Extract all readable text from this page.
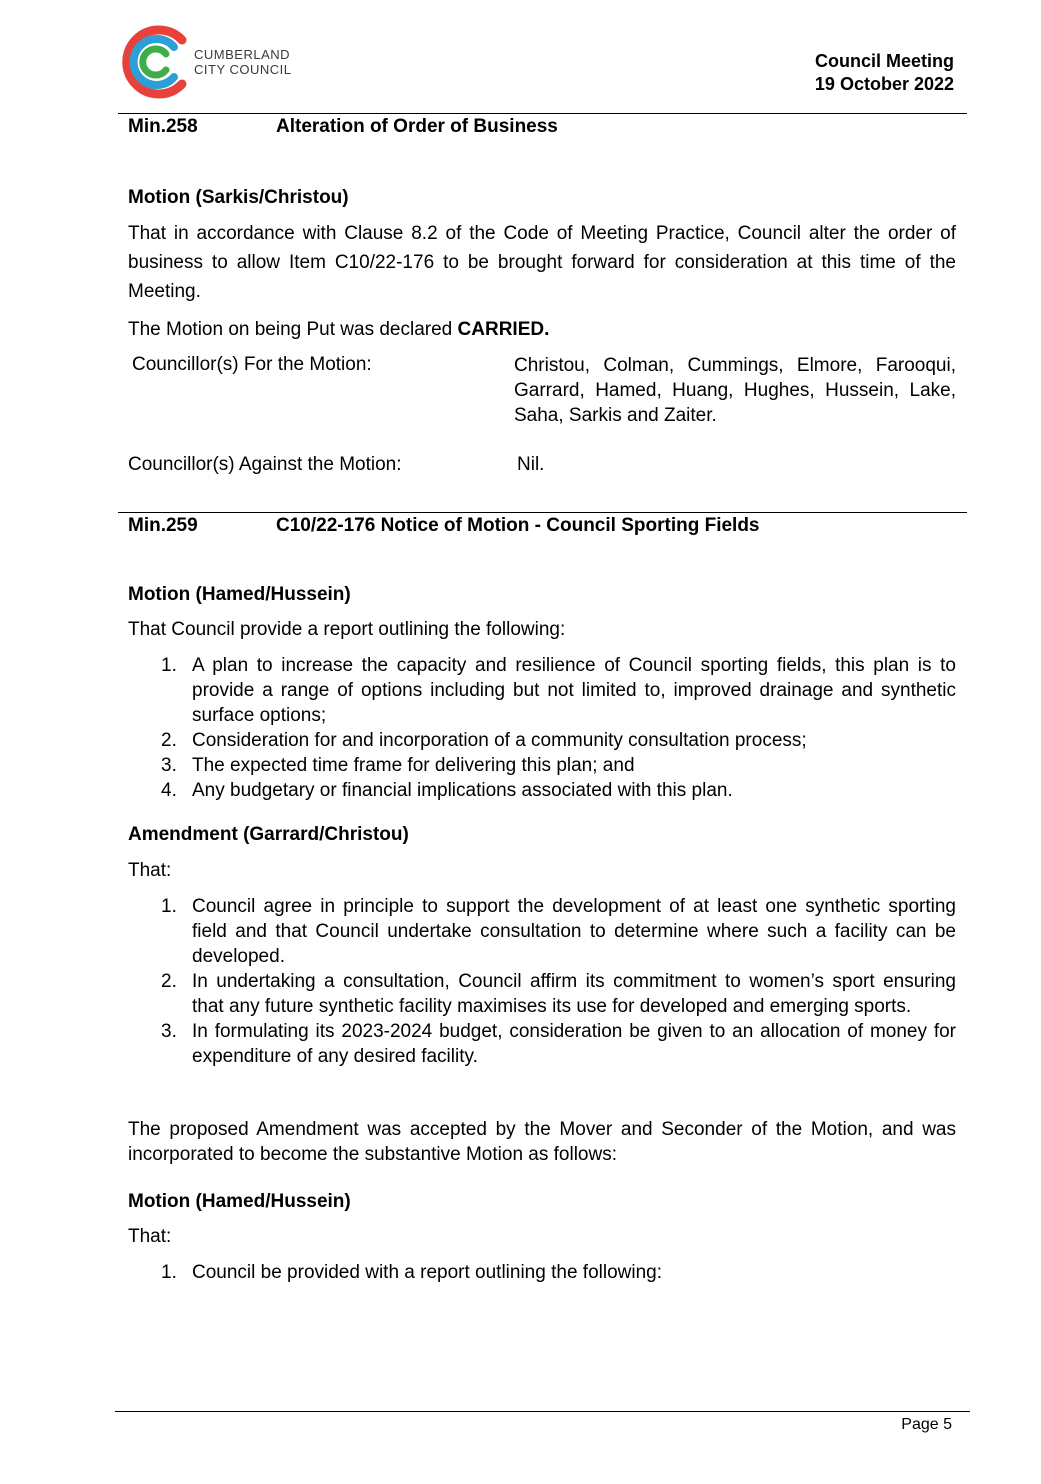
CUMBERLAND
CITY COUNCIL	Council Meeting
19 October 2022
Min.258	Alteration of Order of Business
Motion (Sarkis/Christou)
That in accordance with Clause 8.2 of the Code of Meeting Practice, Council alter the order of business to allow Item C10/22-176 to be brought forward for consideration at this time of the Meeting.
The Motion on being Put was declared CARRIED.
Councillor(s) For the Motion:	Christou, Colman, Cummings, Elmore, Farooqui, Garrard, Hamed, Huang, Hughes, Hussein, Lake, Saha, Sarkis and Zaiter.
Councillor(s) Against the Motion:	Nil.
Min.259	C10/22-176 Notice of Motion - Council Sporting Fields
Motion (Hamed/Hussein)
That Council provide a report outlining the following:
1. A plan to increase the capacity and resilience of Council sporting fields, this plan is to provide a range of options including but not limited to, improved drainage and synthetic surface options;
2. Consideration for and incorporation of a community consultation process;
3. The expected time frame for delivering this plan; and
4. Any budgetary or financial implications associated with this plan.
Amendment (Garrard/Christou)
That:
1. Council agree in principle to support the development of at least one synthetic sporting field and that Council undertake consultation to determine where such a facility can be developed.
2. In undertaking a consultation, Council affirm its commitment to women’s sport ensuring that any future synthetic facility maximises its use for developed and emerging sports.
3. In formulating its 2023-2024 budget, consideration be given to an allocation of money for expenditure of any desired facility.
The proposed Amendment was accepted by the Mover and Seconder of the Motion, and was incorporated to become the substantive Motion as follows:
Motion (Hamed/Hussein)
That:
1. Council be provided with a report outlining the following:
Page 5
